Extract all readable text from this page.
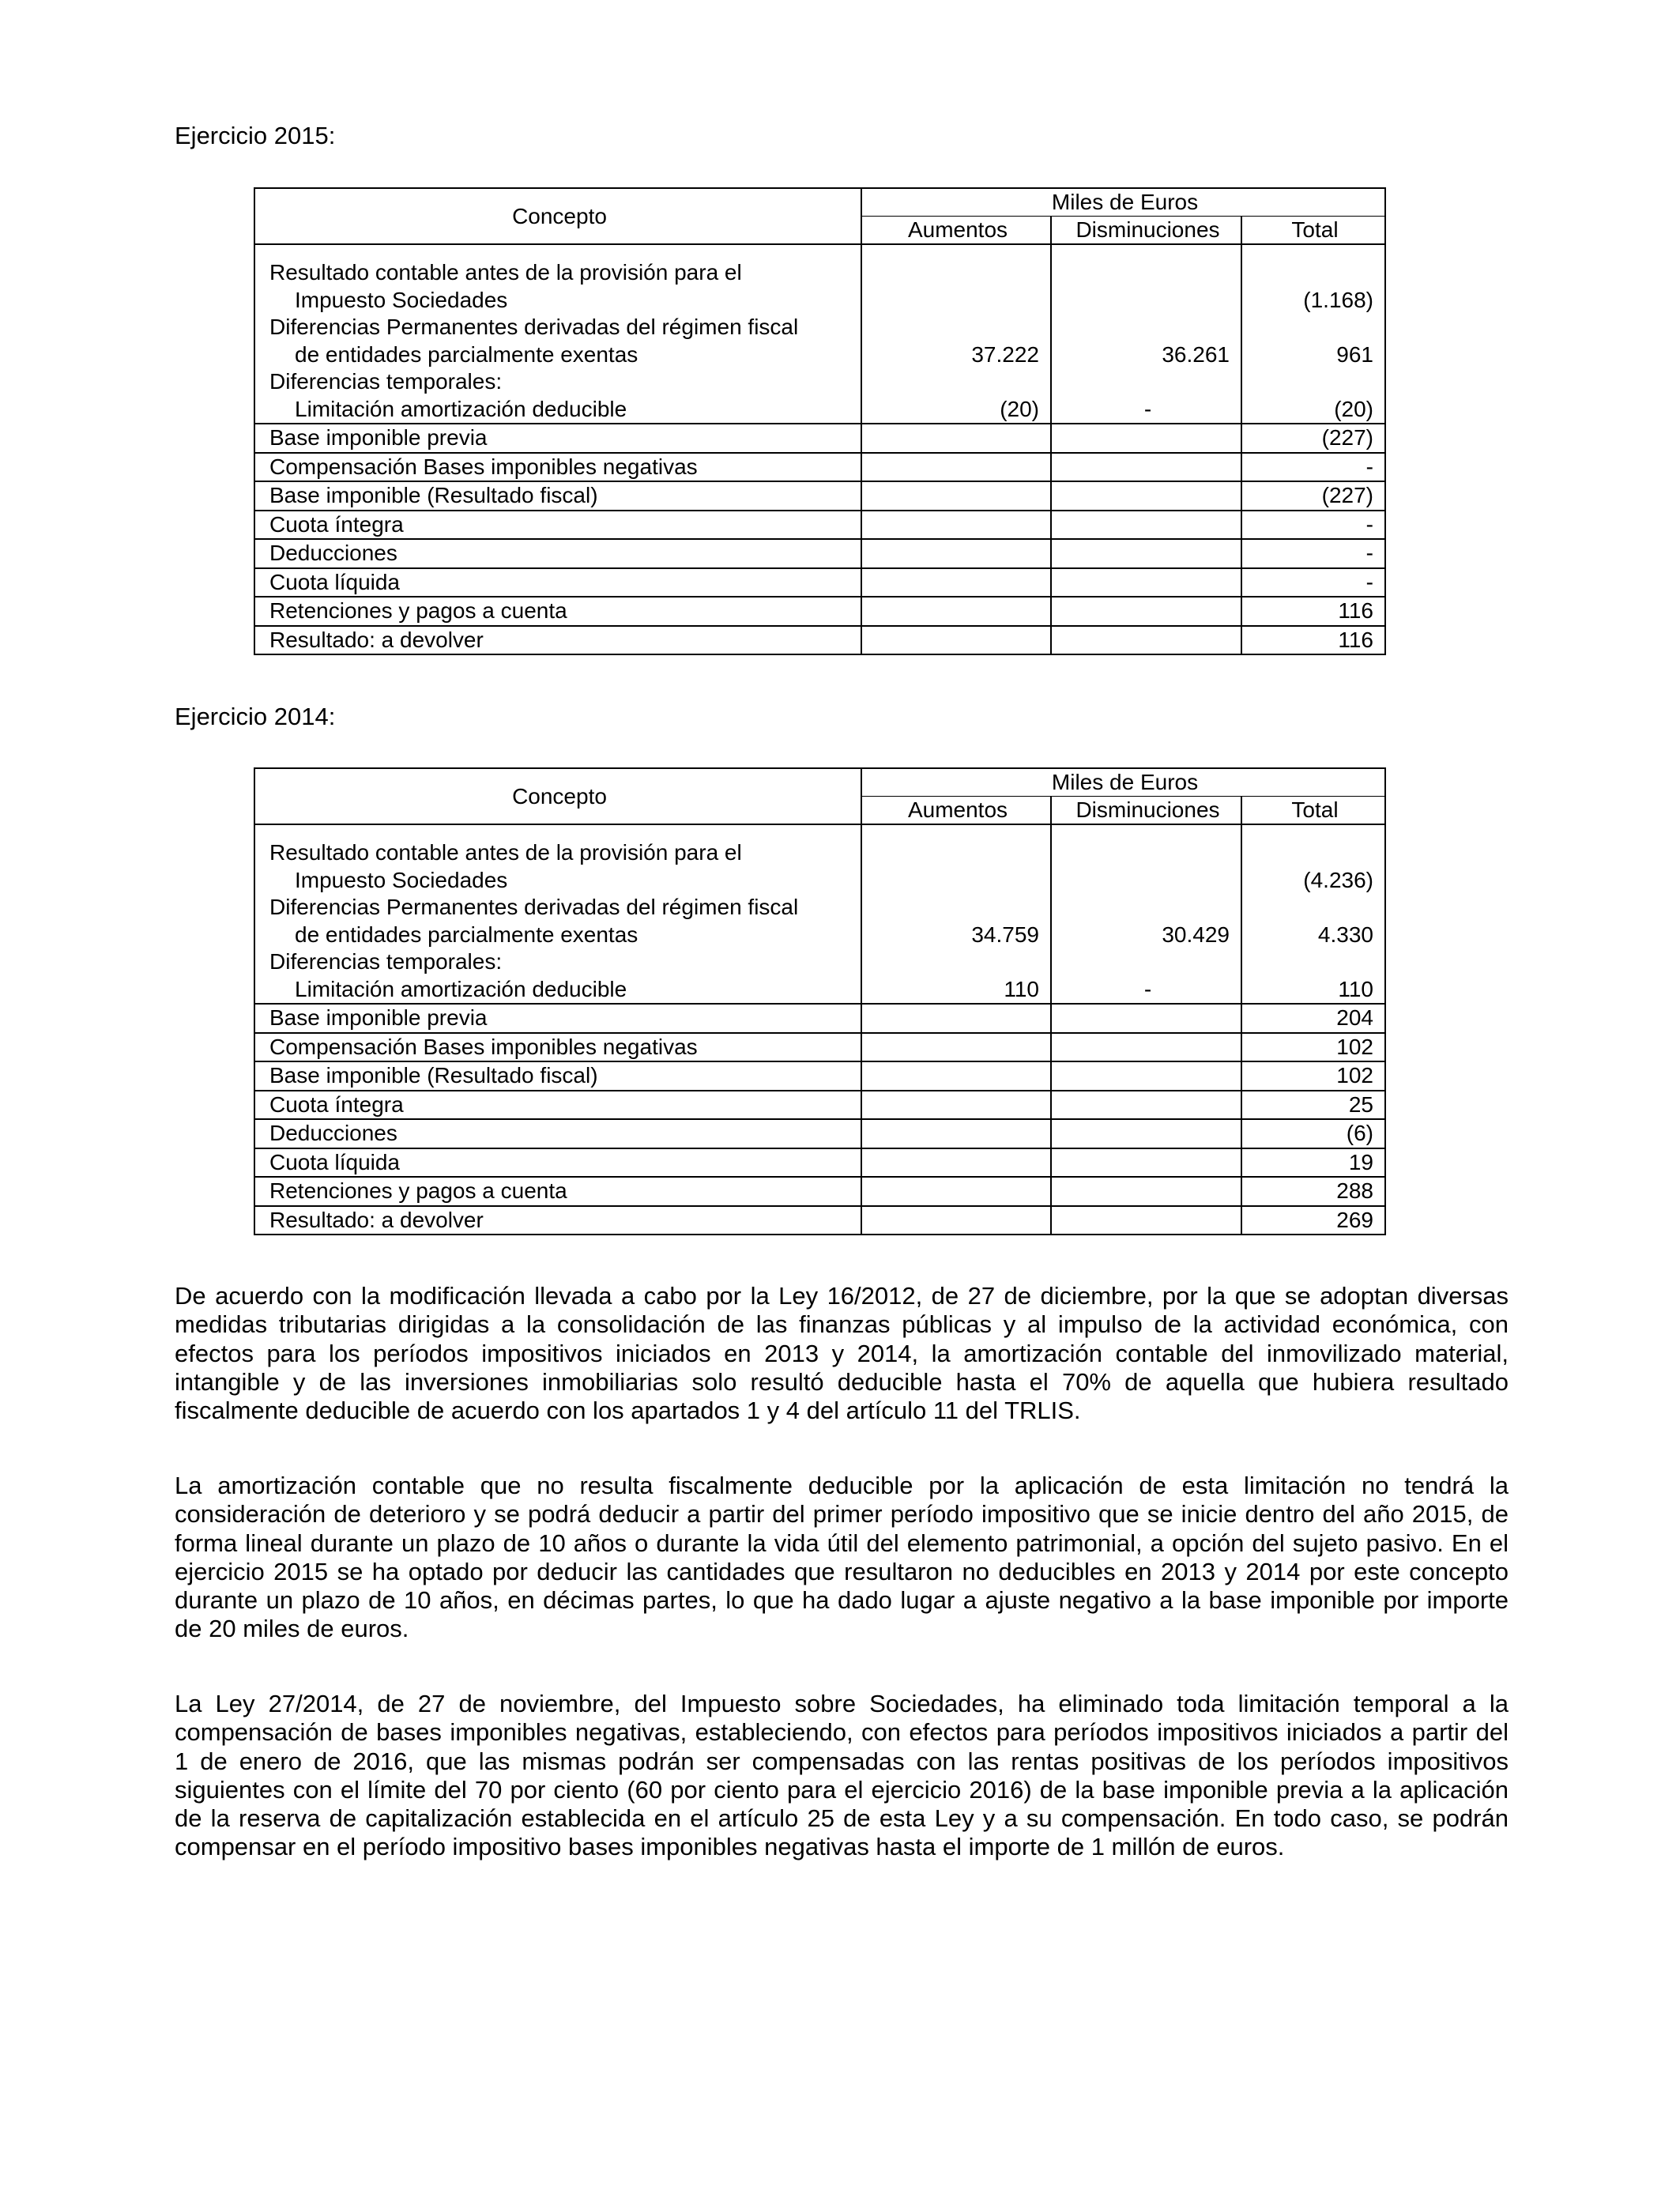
Ejercicio 2015:
Concepto	Miles de Euros		
	Aumentos	Disminuciones	Total

Resultado contable antes de la provisión para el			
Impuesto Sociedades			(1.168)
Diferencias Permanentes derivadas del régimen fiscal			
de entidades parcialmente exentas	37.222	36.261	961
Diferencias temporales:			
Limitación amortización deducible	(20)	-	(20)
Base imponible previa			(227)
Compensación Bases imponibles negativas			-
Base imponible (Resultado fiscal)			(227)
Cuota íntegra			-
Deducciones			-
Cuota líquida			-
Retenciones y pagos a cuenta			116
Resultado: a devolver			116
Ejercicio 2014:
Concepto	Miles de Euros		
	Aumentos	Disminuciones	Total

Resultado contable antes de la provisión para el			
Impuesto Sociedades			(4.236)
Diferencias Permanentes derivadas del régimen fiscal			
de entidades parcialmente exentas	34.759	30.429	4.330
Diferencias temporales:			
Limitación amortización deducible	110	-	110
Base imponible previa			204
Compensación Bases imponibles negativas			102
Base imponible (Resultado fiscal)			102
Cuota íntegra			25
Deducciones			(6)
Cuota líquida			19
Retenciones y pagos a cuenta			288
Resultado: a devolver			269

De acuerdo con la modificación llevada a cabo por la Ley 16/2012, de 27 de diciembre, por la que se adoptan diversas medidas tributarias dirigidas a la consolidación de las finanzas públicas y al impulso de la actividad económica, con efectos para los períodos impositivos iniciados en 2013 y 2014, la amortización contable del inmovilizado material, intangible y de las inversiones inmobiliarias solo resultó deducible hasta el 70% de aquella que hubiera resultado fiscalmente deducible de acuerdo con los apartados 1 y 4 del artículo 11 del TRLIS.

La amortización contable que no resulta fiscalmente deducible por la aplicación de esta limitación no tendrá la consideración de deterioro y se podrá deducir a partir del primer período impositivo que se inicie dentro del año 2015, de forma lineal durante un plazo de 10 años o durante la vida útil del elemento patrimonial, a opción del sujeto pasivo. En el ejercicio 2015 se ha optado por deducir las cantidades que resultaron no deducibles en 2013 y 2014 por este concepto durante un plazo de 10 años, en décimas partes, lo que ha dado lugar a ajuste negativo a la base imponible por importe de 20 miles de euros.

La Ley 27/2014, de 27 de noviembre, del Impuesto sobre Sociedades, ha eliminado toda limitación temporal a la compensación de bases imponibles negativas, estableciendo, con efectos para períodos impositivos iniciados a partir del 1 de enero de 2016, que las mismas podrán ser compensadas con las rentas positivas de los períodos impositivos siguientes con el límite del 70 por ciento (60 por ciento para el ejercicio 2016) de la base imponible previa a la aplicación de la reserva de capitalización establecida en el artículo 25 de esta Ley y a su compensación. En todo caso, se podrán compensar en el período impositivo bases imponibles negativas hasta el importe de 1 millón de euros.
